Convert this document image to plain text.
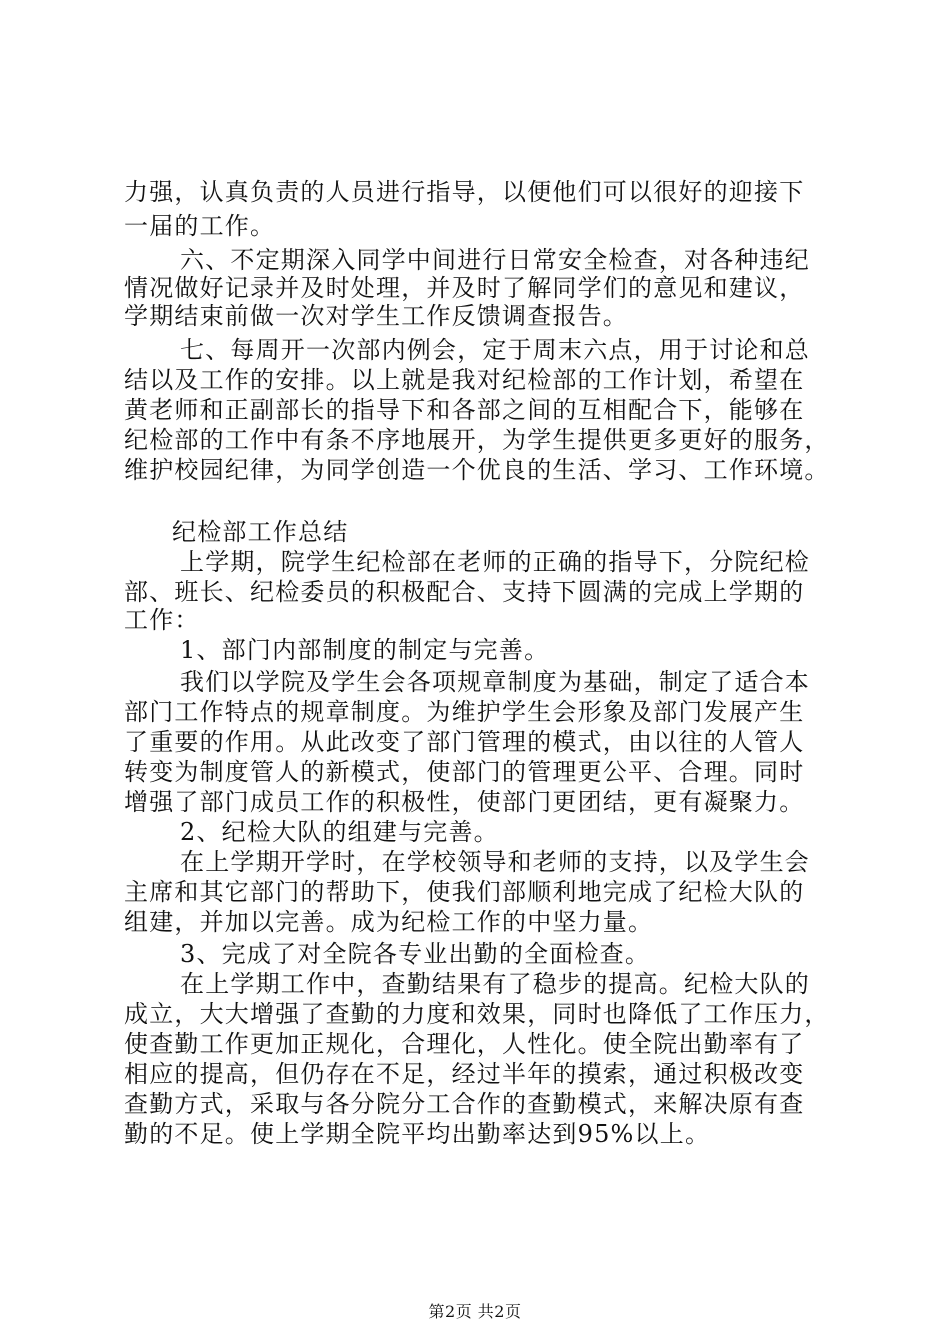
力强，认真负责的人员进行指导，以便他们可以很好的迎接下
一届的工作。
六、不定期深入同学中间进行日常安全检查，对各种违纪
情况做好记录并及时处理，并及时了解同学们的意见和建议，
学期结束前做一次对学生工作反馈调查报告。
七、每周开一次部内例会，定于周末六点，用于讨论和总
结以及工作的安排。以上就是我对纪检部的工作计划，希望在
黄老师和正副部长的指导下和各部之间的互相配合下，能够在
纪检部的工作中有条不序地展开，为学生提供更多更好的服务，
维护校园纪律，为同学创造一个优良的生活、学习、工作环境。
纪检部工作总结
上学期，院学生纪检部在老师的正确的指导下，分院纪检
部、班长、纪检委员的积极配合、支持下圆满的完成上学期的
工作：
1、部门内部制度的制定与完善。
我们以学院及学生会各项规章制度为基础，制定了适合本
部门工作特点的规章制度。为维护学生会形象及部门发展产生
了重要的作用。从此改变了部门管理的模式，由以往的人管人
转变为制度管人的新模式，使部门的管理更公平、合理。同时
增强了部门成员工作的积极性，使部门更团结，更有凝聚力。
2、纪检大队的组建与完善。
在上学期开学时，在学校领导和老师的支持，以及学生会
主席和其它部门的帮助下，使我们部顺利地完成了纪检大队的
组建，并加以完善。成为纪检工作的中坚力量。
3、完成了对全院各专业出勤的全面检查。
在上学期工作中，查勤结果有了稳步的提高。纪检大队的
成立，大大增强了查勤的力度和效果，同时也降低了工作压力，
使查勤工作更加正规化，合理化，人性化。使全院出勤率有了
相应的提高，但仍存在不足，经过半年的摸索，通过积极改变
查勤方式，采取与各分院分工合作的查勤模式，来解决原有查
勤的不足。使上学期全院平均出勤率达到95%以上。
第2页 共2页
